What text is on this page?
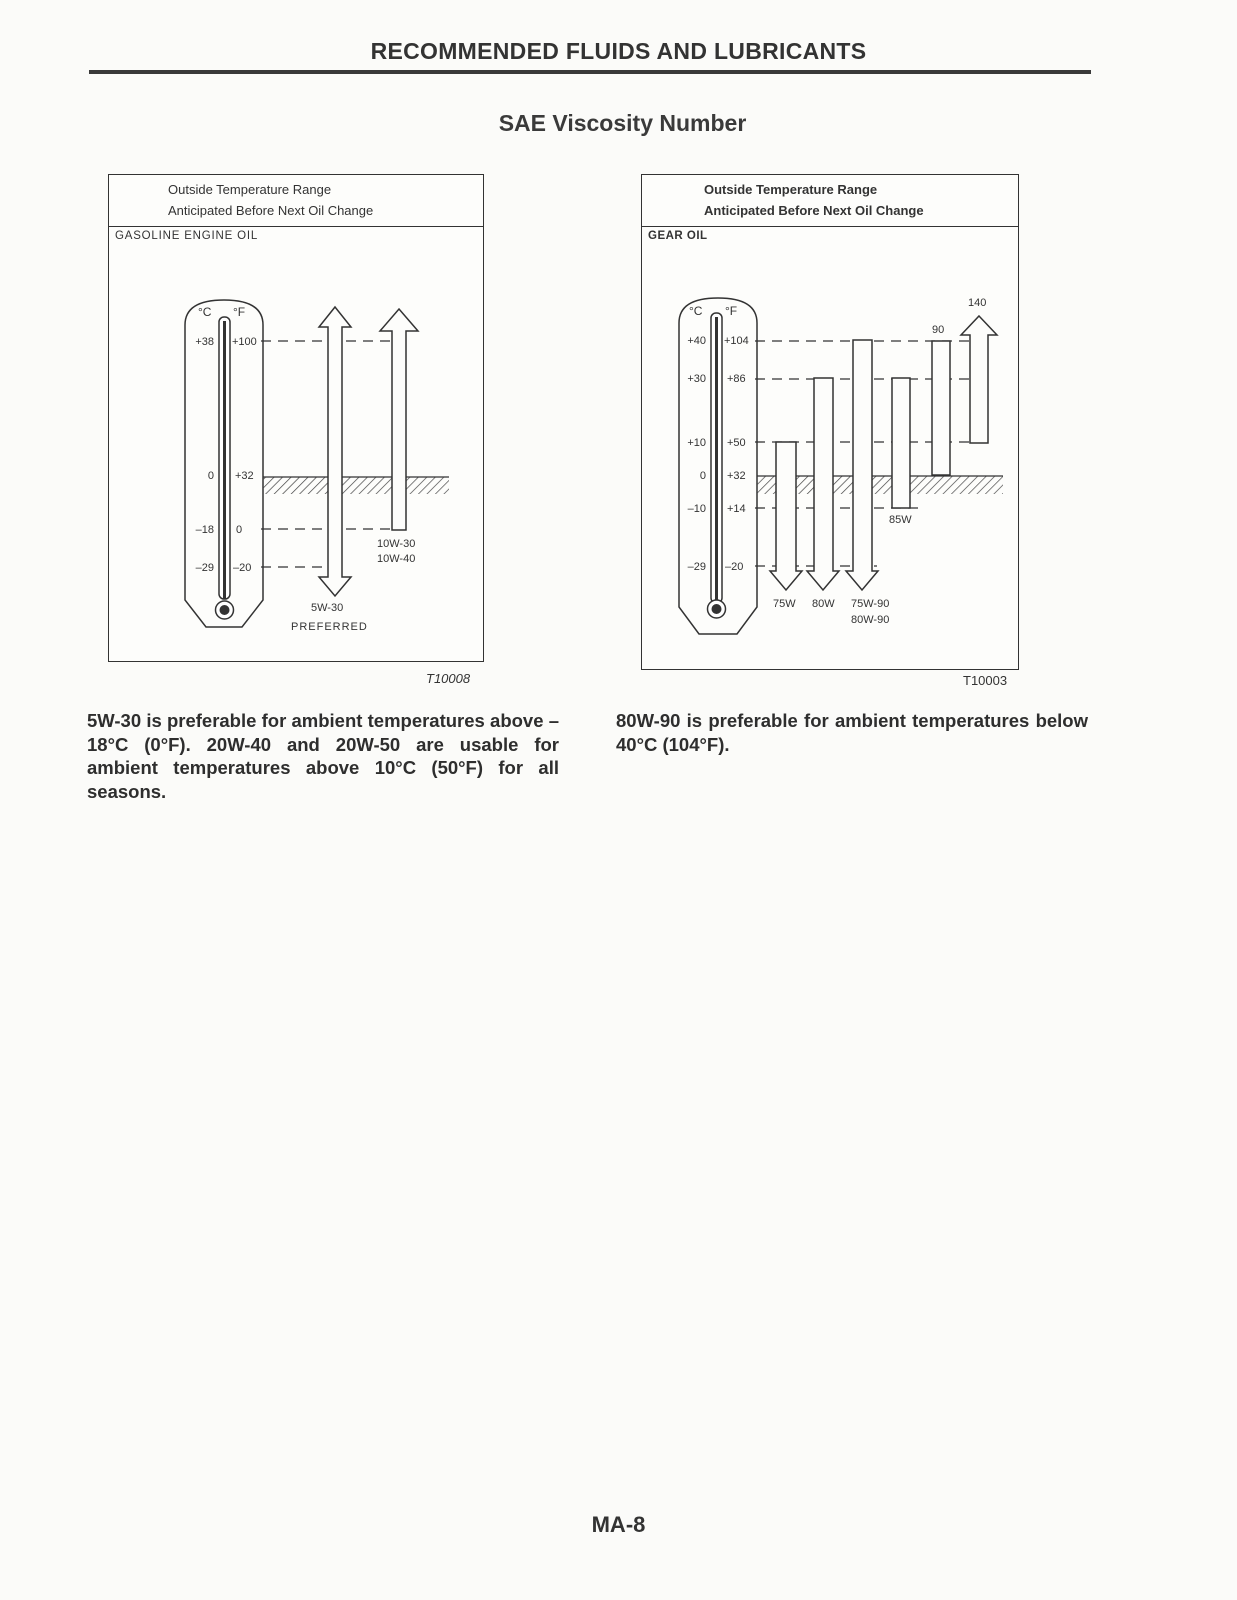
RECOMMENDED FLUIDS AND LUBRICANTS
SAE Viscosity Number
Outside Temperature Range
Anticipated Before Next Oil Change
GASOLINE ENGINE OIL
°C °F
+38
0
–18
–29
+100
+32
0
–20
10W-30
10W-40
5W-30
PREFERRED
T10008
Outside Temperature Range
Anticipated Before Next Oil Change
GEAR OIL
°C °F
+40
+30
+10
0
–10
–29
+104
+86
+50
+32
+14
–20
75W 80W 75W-90
80W-90
85W
90
140
T10003
5W-30 is preferable for ambient temperatures above –18°C (0°F). 20W-40 and 20W-50 are usable for ambient temperatures above 10°C (50°F) for all seasons.
80W-90 is preferable for ambient temperatures below 40°C (104°F).
MA-8
